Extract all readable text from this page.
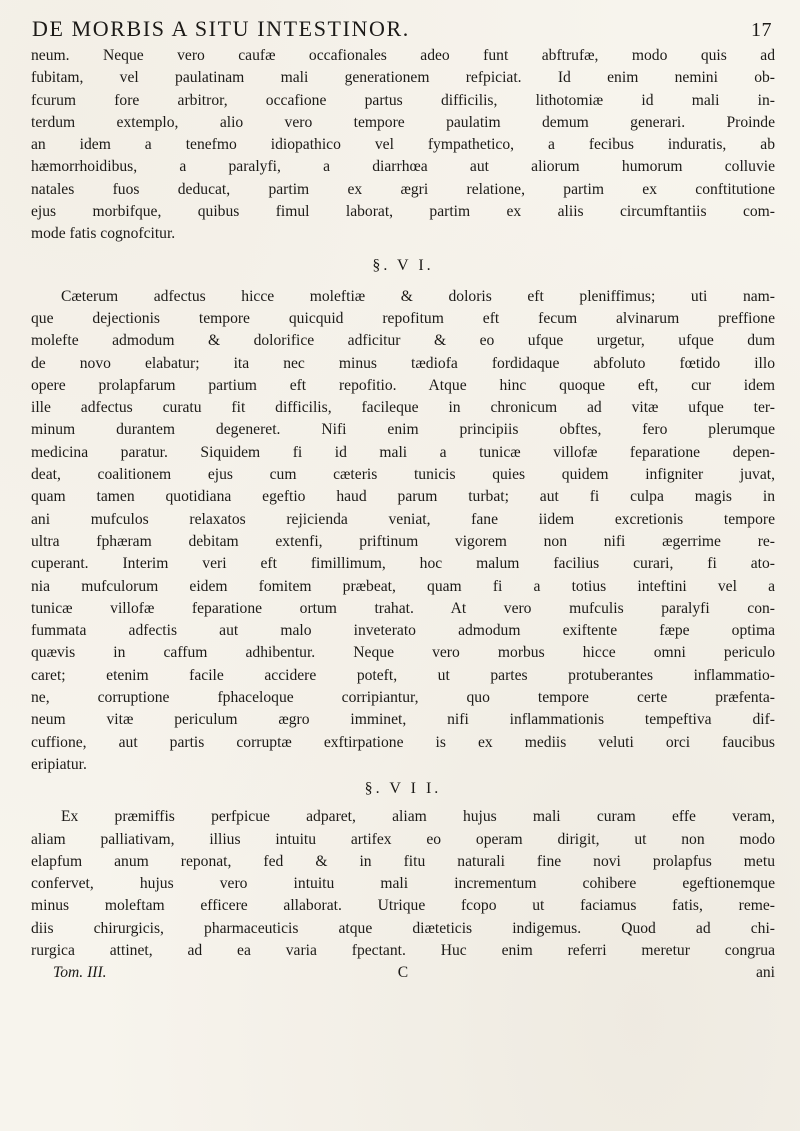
DE MORBIS A SITU INTESTINOR.	17
neum. Neque vero caufæ occafionales adeo funt abftrufæ, modo quis ad
fubitam, vel paulatinam mali generationem refpiciat. Id enim nemini ob-
fcurum fore arbitror, occafione partus difficilis, lithotomiæ id mali in-
terdum extemplo, alio vero tempore paulatim demum generari. Proinde
an idem a tenefmo idiopathico vel fympathetico, a fecibus induratis, ab
hæmorrhoidibus, a paralyfi, a diarrhœa aut aliorum humorum colluvie
natales fuos deducat, partim ex ægri relatione, partim ex conftitutione
ejus morbifque, quibus fimul laborat, partim ex aliis circumftantiis com-
mode fatis cognofcitur.
§. V I.
Cæterum adfectus hicce moleftiæ & doloris eft pleniffimus; uti nam-
que dejectionis tempore quicquid repofitum eft fecum alvinarum preffione
molefte admodum & dolorifice adficitur & eo ufque urgetur, ufque dum
de novo elabatur; ita nec minus tædiofa fordidaque abfoluto fœtido illo
opere prolapfarum partium eft repofitio. Atque hinc quoque eft, cur idem
ille adfectus curatu fit difficilis, facileque in chronicum ad vitæ ufque ter-
minum durantem degeneret. Nifi enim principiis obftes, fero plerumque
medicina paratur. Siquidem fi id mali a tunicæ villofæ feparatione depen-
deat, coalitionem ejus cum cæteris tunicis quies quidem infigniter juvat,
quam tamen quotidiana egeftio haud parum turbat; aut fi culpa magis in
ani mufculos relaxatos rejicienda veniat, fane iidem excretionis tempore
ultra fphæram debitam extenfi, priftinum vigorem non nifi ægerrime re-
cuperant. Interim veri eft fimillimum, hoc malum facilius curari, fi ato-
nia mufculorum eidem fomitem præbeat, quam fi a totius inteftini vel a
tunicæ villofæ feparatione ortum trahat. At vero mufculis paralyfi con-
fummata adfectis aut malo inveterato admodum exiftente fæpe optima
quævis in caffum adhibentur. Neque vero morbus hicce omni periculo
caret; etenim facile accidere poteft, ut partes protuberantes inflammatio-
ne, corruptione fphaceloque corripiantur, quo tempore certe præfenta-
neum vitæ periculum ægro imminet, nifi inflammationis tempeftiva dif-
cuffione, aut partis corruptæ exftirpatione is ex mediis veluti orci faucibus
eripiatur.
§. V I I.
Ex præmiffis perfpicue adparet, aliam hujus mali curam effe veram,
aliam palliativam, illius intuitu artifex eo operam dirigit, ut non modo
elapfum anum reponat, fed & in fitu naturali fine novi prolapfus metu
confervet, hujus vero intuitu mali incrementum cohibere egeftionemque
minus moleftam efficere allaborat. Utrique fcopo ut faciamus fatis, reme-
diis chirurgicis, pharmaceuticis atque diæteticis indigemus. Quod ad chi-
rurgica attinet, ad ea varia fpectant. Huc enim referri meretur congrua
Tom. III.	C	ani
